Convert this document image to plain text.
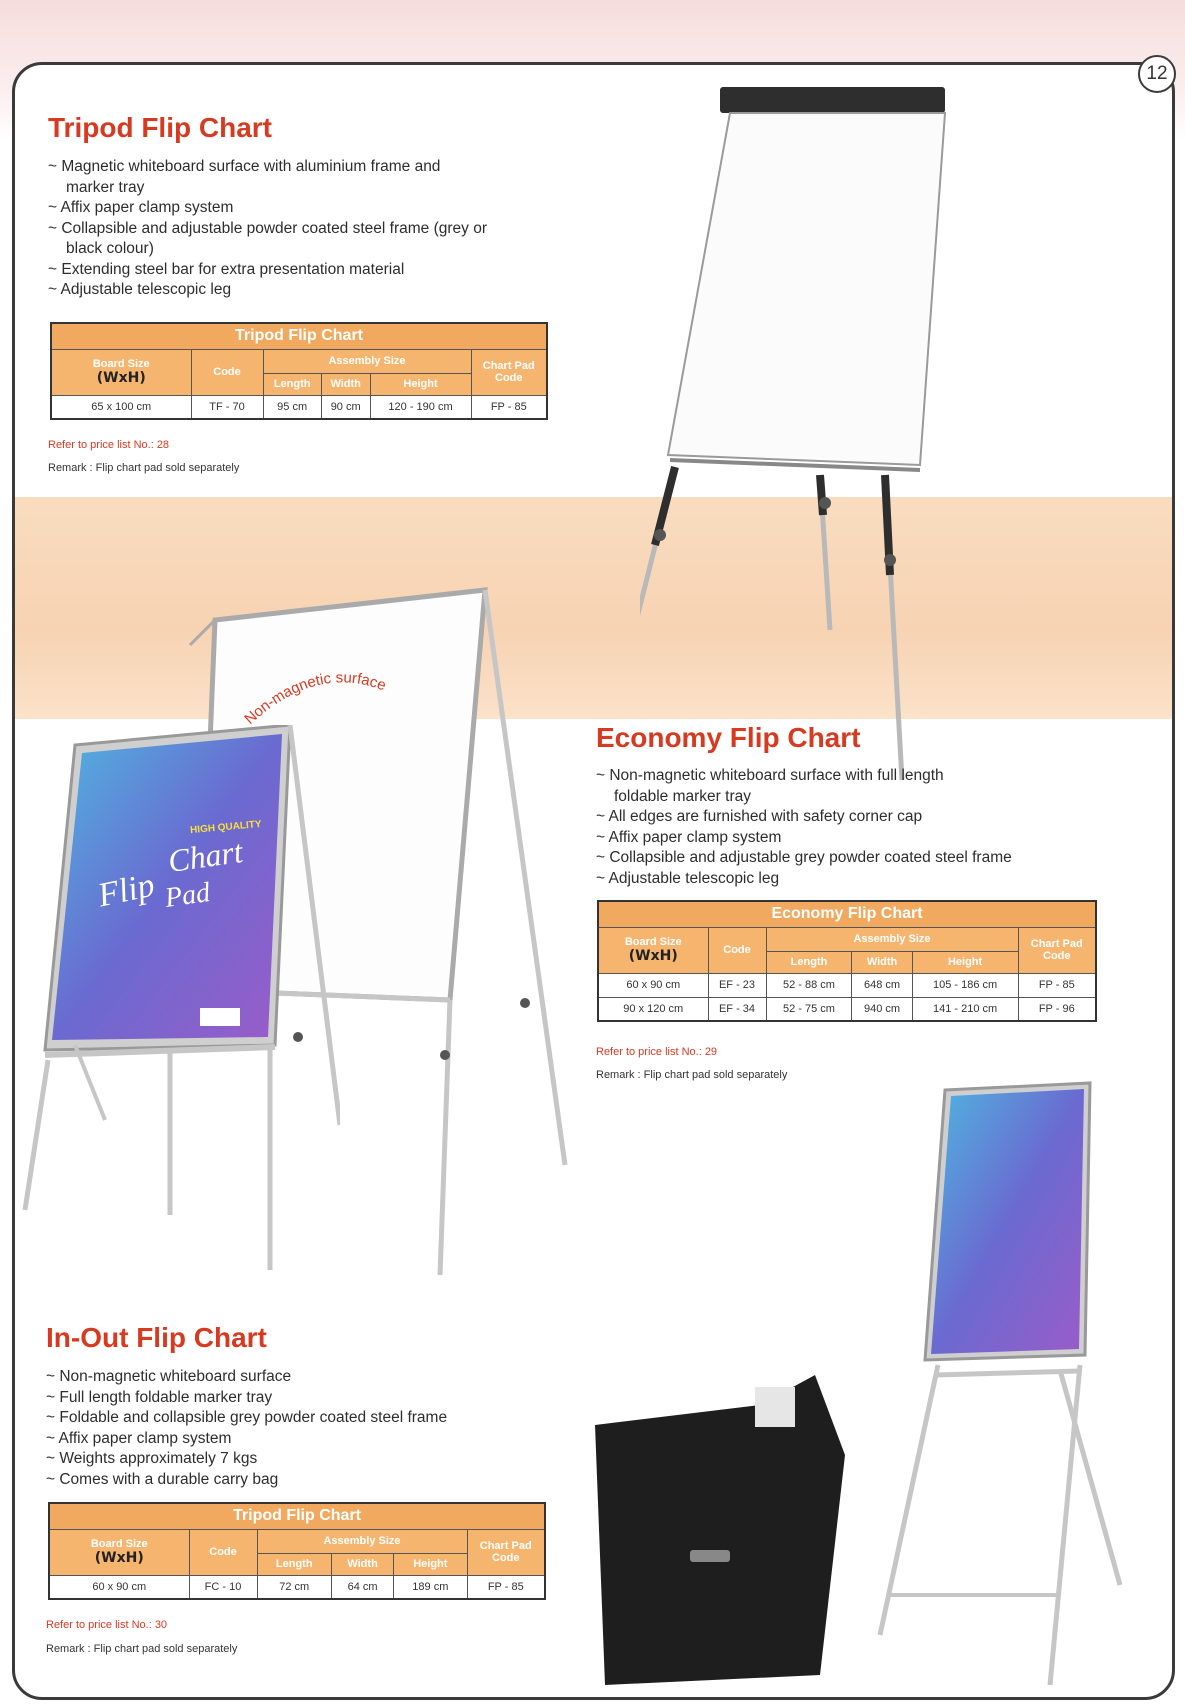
12
HIGH QUALITY
Flip
Chart
Pad
Non-magnetic surface
Tripod Flip Chart
~ Magnetic whiteboard surface with aluminium frame and marker tray
~ Affix paper clamp system
~ Collapsible and adjustable powder coated steel frame (grey or black colour)
~ Extending steel bar for extra presentation material
~ Adjustable telescopic leg
Tripod Flip Chart					
Board Size
(WxH)	Code	Assembly Size			Chart Pad Code
		Length	Width	Height	
65 x 100 cm	TF - 70	95 cm	90 cm	120 - 190 cm	FP - 85
Refer to price list No.: 28
Remark : Flip chart pad sold separately
Economy Flip Chart
~ Non-magnetic whiteboard surface with full length foldable marker tray
~ All edges are furnished with safety corner cap
~ Affix paper clamp system
~ Collapsible and adjustable grey powder coated steel frame
~ Adjustable telescopic leg
Economy Flip Chart					
Board Size
(WxH)	Code	Assembly Size			Chart Pad Code
		Length	Width	Height	
60 x 90 cm	EF - 23	52 - 88 cm	648 cm	105 - 186 cm	FP - 85
90 x 120 cm	EF - 34	52 - 75 cm	940 cm	141 - 210 cm	FP - 96
Refer to price list No.: 29
Remark : Flip chart pad sold separately
In-Out Flip Chart
~ Non-magnetic whiteboard surface
~ Full length foldable marker tray
~ Foldable and collapsible grey powder coated steel frame
~ Affix paper clamp system
~ Weights approximately 7 kgs
~ Comes with a durable carry bag
Tripod Flip Chart					
Board Size
(WxH)	Code	Assembly Size			Chart Pad Code
		Length	Width	Height	
60 x 90 cm	FC - 10	72 cm	64 cm	189 cm	FP - 85
Refer to price list No.: 30
Remark : Flip chart pad sold separately
